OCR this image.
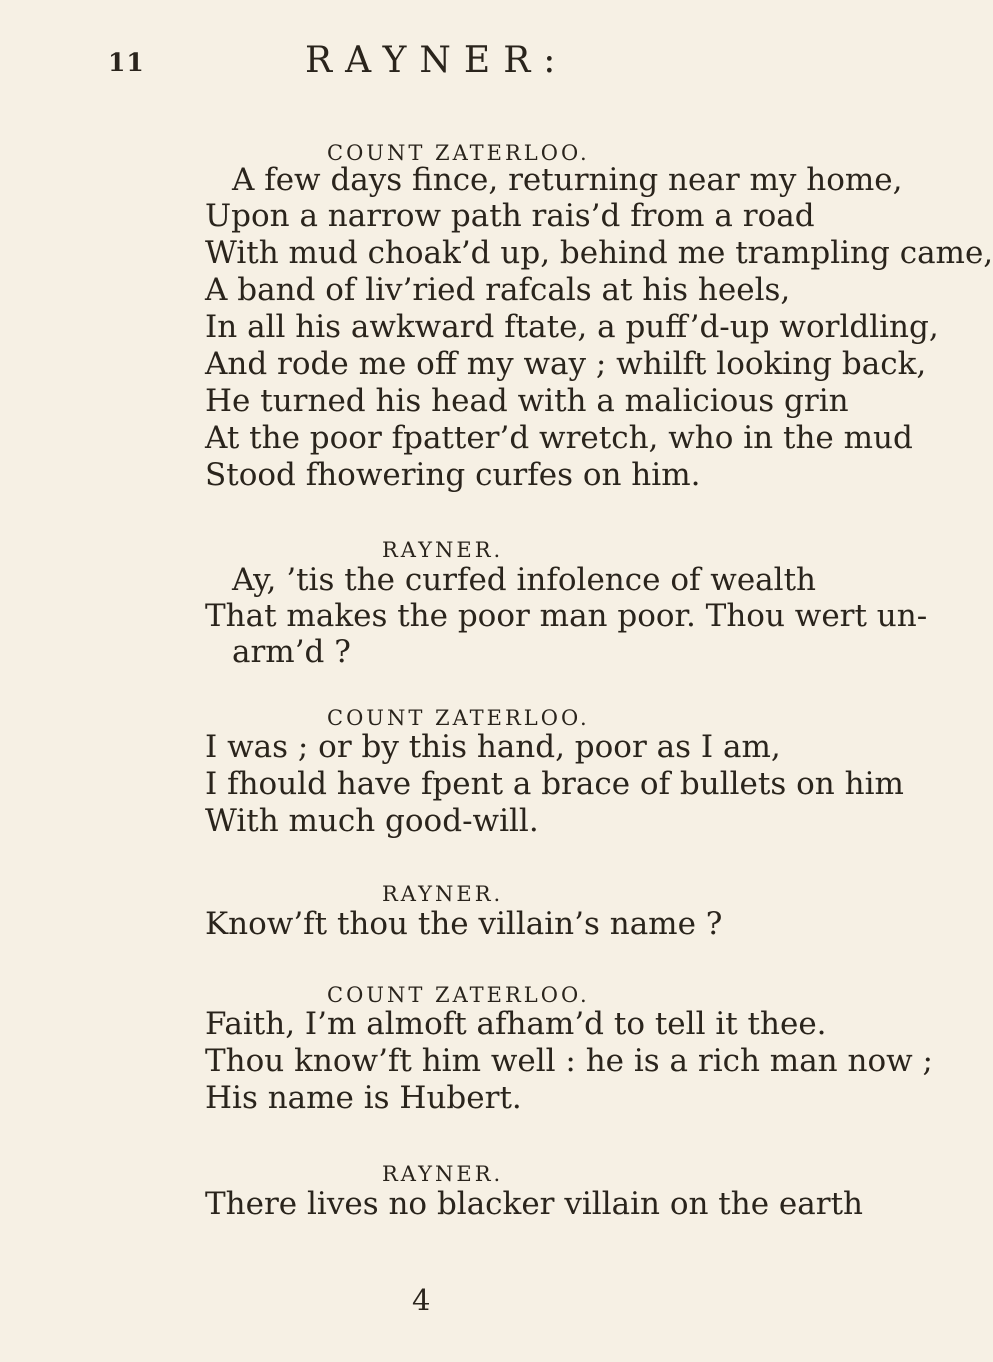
11	RAYNER:
COUNT ZATERLOO.
A few days fince, returning near my home,
Upon a narrow path rais’d from a road
With mud choak’d up, behind me trampling came,
A band of liv’ried rafcals at his heels,
In all his awkward ftate, a puff’d-up worldling,
And rode me off my way ; whilft looking back,
He turned his head with a malicious grin
At the poor fpatter’d wretch, who in the mud
Stood fhowering curfes on him.
RAYNER.
Ay, ’tis the curfed infolence of wealth
That makes the poor man poor. Thou wert un-
arm’d ?
COUNT ZATERLOO.
I was ; or by this hand, poor as I am,
I fhould have fpent a brace of bullets on him
With much good-will.
RAYNER.
Know’ft thou the villain’s name ?
COUNT ZATERLOO.
Faith, I’m almoft afham’d to tell it thee.
Thou know’ft him well : he is a rich man now ;
His name is Hubert.
RAYNER.
There lives no blacker villain on the earth
4
